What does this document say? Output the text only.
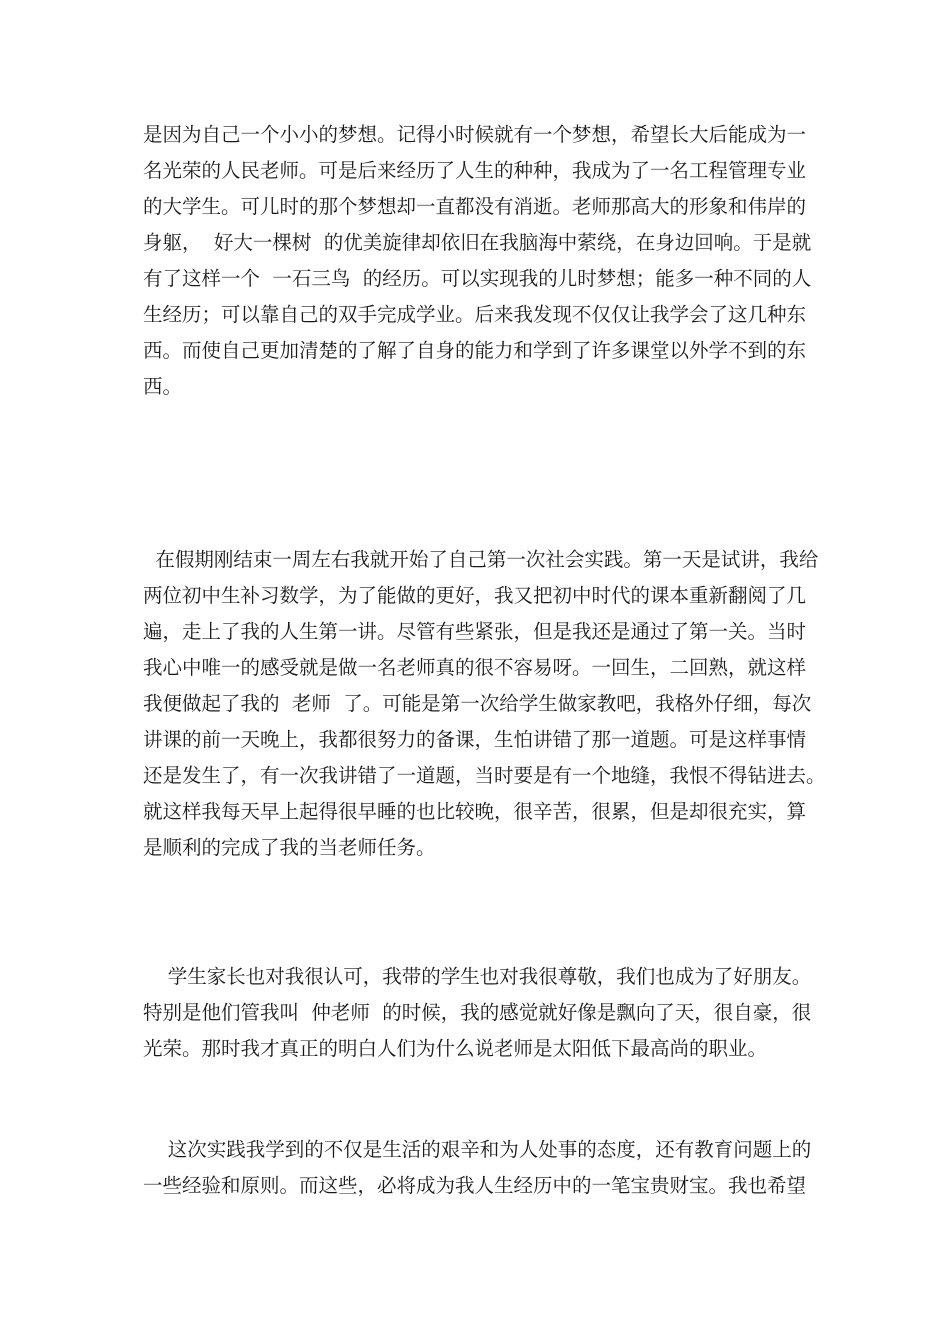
是因为自己一个小小的梦想。记得小时候就有一个梦想，希望长大后能成为一
名光荣的人民老师。可是后来经历了人生的种种，我成为了一名工程管理专业
的大学生。可儿时的那个梦想却一直都没有消逝。老师那高大的形象和伟岸的
身躯，  好大一棵树  的优美旋律却依旧在我脑海中萦绕，在身边回响。于是就
有了这样一个  一石三鸟  的经历。可以实现我的儿时梦想；能多一种不同的人
生经历；可以靠自己的双手完成学业。后来我发现不仅仅让我学会了这几种东
西。而使自己更加清楚的了解了自身的能力和学到了许多课堂以外学不到的东
西。
在假期刚结束一周左右我就开始了自己第一次社会实践。第一天是试讲，我给
两位初中生补习数学，为了能做的更好，我又把初中时代的课本重新翻阅了几
遍，走上了我的人生第一讲。尽管有些紧张，但是我还是通过了第一关。当时
我心中唯一的感受就是做一名老师真的很不容易呀。一回生，二回熟，就这样
我便做起了我的  老师  了。可能是第一次给学生做家教吧，我格外仔细，每次
讲课的前一天晚上，我都很努力的备课，生怕讲错了那一道题。可是这样事情
还是发生了，有一次我讲错了一道题，当时要是有一个地缝，我恨不得钻进去。
就这样我每天早上起得很早睡的也比较晚，很辛苦，很累，但是却很充实，算
是顺利的完成了我的当老师任务。
学生家长也对我很认可，我带的学生也对我很尊敬，我们也成为了好朋友。
特别是他们管我叫  仲老师  的时候，我的感觉就好像是飘向了天，很自豪，很
光荣。那时我才真正的明白人们为什么说老师是太阳低下最高尚的职业。
这次实践我学到的不仅是生活的艰辛和为人处事的态度，还有教育问题上的
一些经验和原则。而这些，必将成为我人生经历中的一笔宝贵财宝。我也希望
